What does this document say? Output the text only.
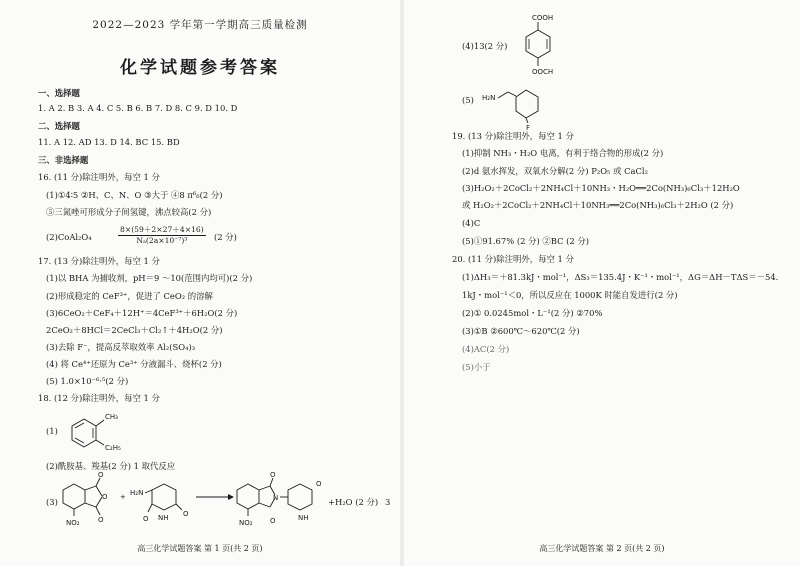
2022—2023 学年第一学期高三质量检测
化学试题参考答案
一、选择题
1. A 2. B 3. A 4. C 5. B 6. B 7. D 8. C 9. D 10. D
二、选择题
11. A 12. AD 13. D 14. BC 15. BD
三、非选择题
16. (11 分)除注明外，每空 1 分
(1)①4∶5 ②H、C、N、O ③大于 ④8 π⁶₆(2 分)
⑤三氮唑可形成分子间氢键，沸点较高(2 分)
(2)CoAl₂O₄	$\frac{8\times(59+2\times 27+4\times 16)}{\text{Nₐ(2a×10⁻⁷)³}} (2$ 分)
17. (13 分)除注明外，每空 1 分
(1)以 BHA 为捕收剂，pH＝9 ～10(范围内均可)(2 分)
(2)形成稳定的 CeF³⁺，促进了 CeO₂ 的溶解
(3)6CeO₂＋CeF₄＋12H⁺＝4CeF³⁺＋6H₂O(2 分)
2CeO₂＋8HCl＝2CeCl₃＋Cl₂↑＋4H₂O(2 分)
(3)去除 F⁻，提高反萃取效率 Al₂(SO₄)₃
(4) 将 Ce⁴⁺还原为 Ce³⁺ 分液漏斗、烧杯(2 分)
(5) 1.0×10⁻⁶·⁵(2 分)
18. (12 分)除注明外，每空 1 分
(1)
CH₃
C₂H₅
(2)酰胺基、羧基(2 分) 1 取代反应
(3)
O
O
O
NO₂
+ H₂N
O
O
NH
O
O
N
NH
O
NO₂
+H₂O (2 分) 3
高三化学试题答案 第 1 页(共 2 页)
COOH
OOCH
(4)13(2 分)
(5) H₂N
F
19. (13 分)除注明外，每空 1 分
(1)抑制 NH₃・H₂O 电离，有利于络合物的形成(2 分)
(2)d 氨水挥发，双氧水分解(2 分) P₂O₅ 或 CaCl₂
(3)H₂O₂＋2CoCl₂＋2NH₄Cl＋10NH₃・H₂O══2Co(NH₃)₆Cl₃＋12H₂O
或 H₂O₂＋2CoCl₂＋2NH₄Cl＋10NH₃══2Co(NH₃)₆Cl₃＋2H₂O (2 分)
(4)C
(5)①91.67% (2 分) ②BC (2 分)
20. (11 分)除注明外，每空 1 分
(1)ΔH₃＝＋81.3kJ・mol⁻¹，ΔS₃＝135.4J・K⁻¹・mol⁻¹，ΔG＝ΔH－TΔS＝－54.
1kJ・mol⁻¹＜0，所以反应在 1000K 时能自发进行(2 分)
(2)① 0.0245mol・L⁻¹(2 分) ②70%
(3)①B ②600℃～620℃(2 分)
(4)AC(2 分)
(5)小于
高三化学试题答案 第 2 页(共 2 页)
